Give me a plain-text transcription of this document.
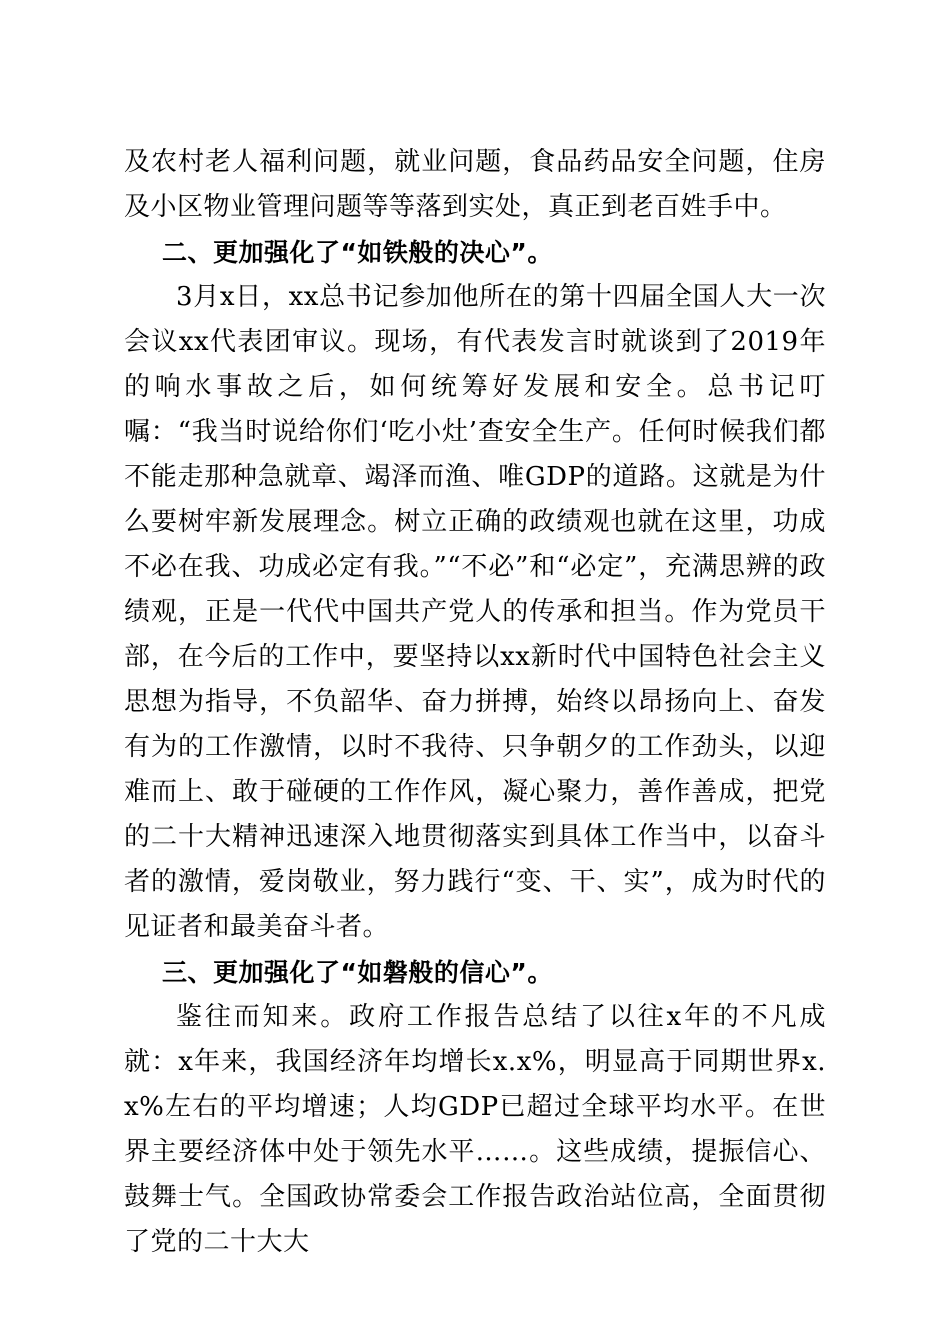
及农村老人福利问题，就业问题，食品药品安全问题，住房及小区物业管理问题等等落到实处，真正到老百姓手中。

二、更加强化了“如铁般的决心”。

3月x日，xx总书记参加他所在的第十四届全国人大一次会议xx代表团审议。现场，有代表发言时就谈到了2019年的响水事故之后，如何统筹好发展和安全。总书记叮嘱：“我当时说给你们‘吃小灶’查安全生产。任何时候我们都不能走那种急就章、竭泽而渔、唯GDP的道路。这就是为什么要树牢新发展理念。树立正确的政绩观也就在这里，功成不必在我、功成必定有我。”“不必”和“必定”，充满思辨的政绩观，正是一代代中国共产党人的传承和担当。作为党员干部，在今后的工作中，要坚持以xx新时代中国特色社会主义思想为指导，不负韶华、奋力拼搏，始终以昂扬向上、奋发有为的工作激情，以时不我待、只争朝夕的工作劲头，以迎难而上、敢于碰硬的工作作风，凝心聚力，善作善成，把党的二十大精神迅速深入地贯彻落实到具体工作当中，以奋斗者的激情，爱岗敬业，努力践行“变、干、实”，成为时代的见证者和最美奋斗者。

三、更加强化了“如磐般的信心”。

鉴往而知来。政府工作报告总结了以往x年的不凡成就：x年来，我国经济年均增长x.x%，明显高于同期世界x.x%左右的平均增速；人均GDP已超过全球平均水平。在世界主要经济体中处于领先水平……。这些成绩，提振信心、鼓舞士气。全国政协常委会工作报告政治站位高，全面贯彻了党的二十大大
